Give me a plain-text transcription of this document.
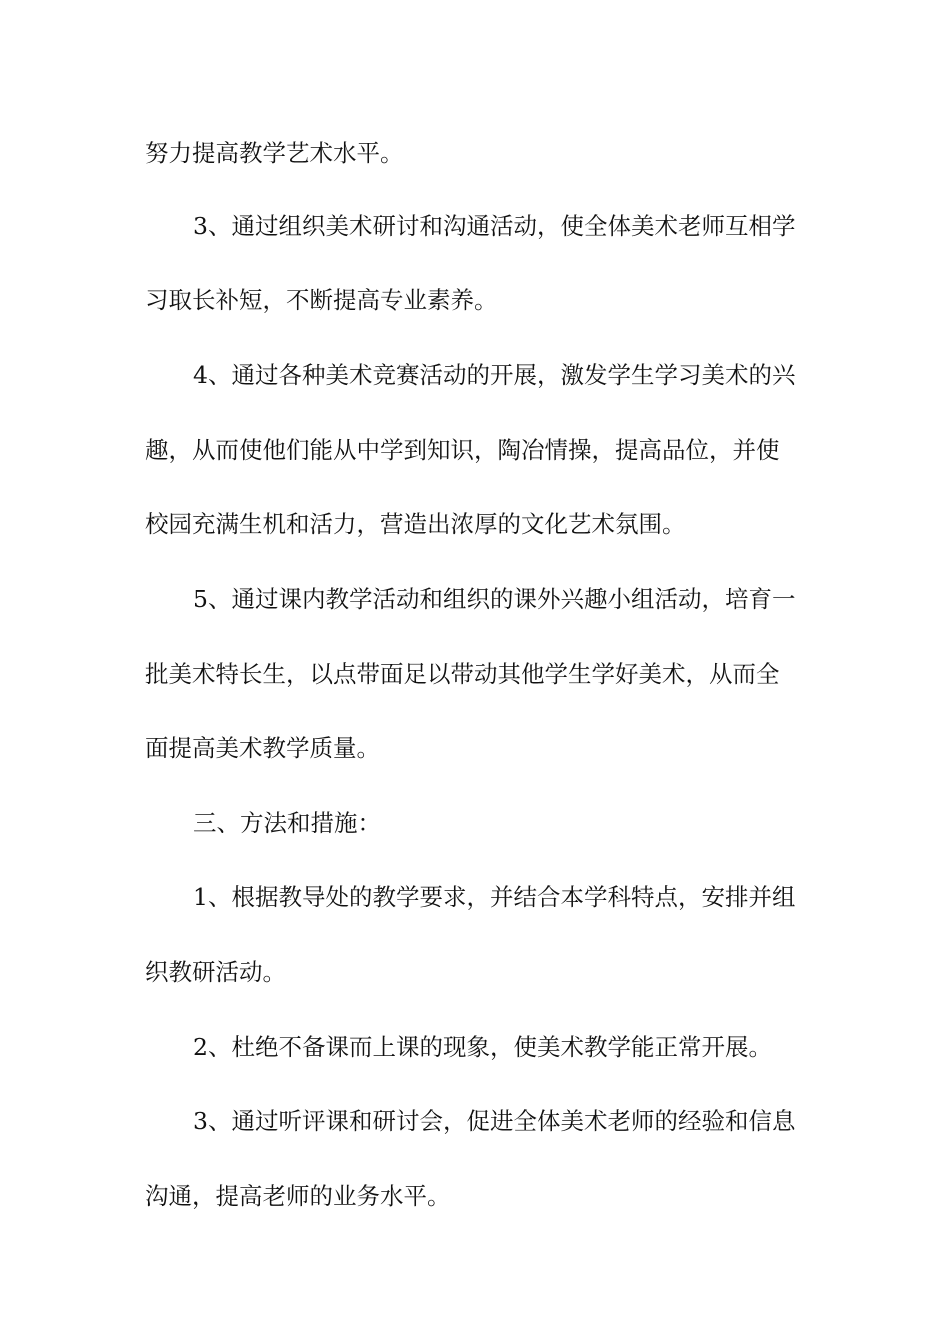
努力提高教学艺术水平。
3、通过组织美术研讨和沟通活动，使全体美术老师互相学
习取长补短，不断提高专业素养。
4、通过各种美术竞赛活动的开展，激发学生学习美术的兴
趣，从而使他们能从中学到知识，陶冶情操，提高品位，并使
校园充满生机和活力，营造出浓厚的文化艺术氛围。
5、通过课内教学活动和组织的课外兴趣小组活动，培育一
批美术特长生，以点带面足以带动其他学生学好美术，从而全
面提高美术教学质量。
三、方法和措施：
1、根据教导处的教学要求，并结合本学科特点，安排并组
织教研活动。
2、杜绝不备课而上课的现象，使美术教学能正常开展。
3、通过听评课和研讨会，促进全体美术老师的经验和信息
沟通，提高老师的业务水平。
